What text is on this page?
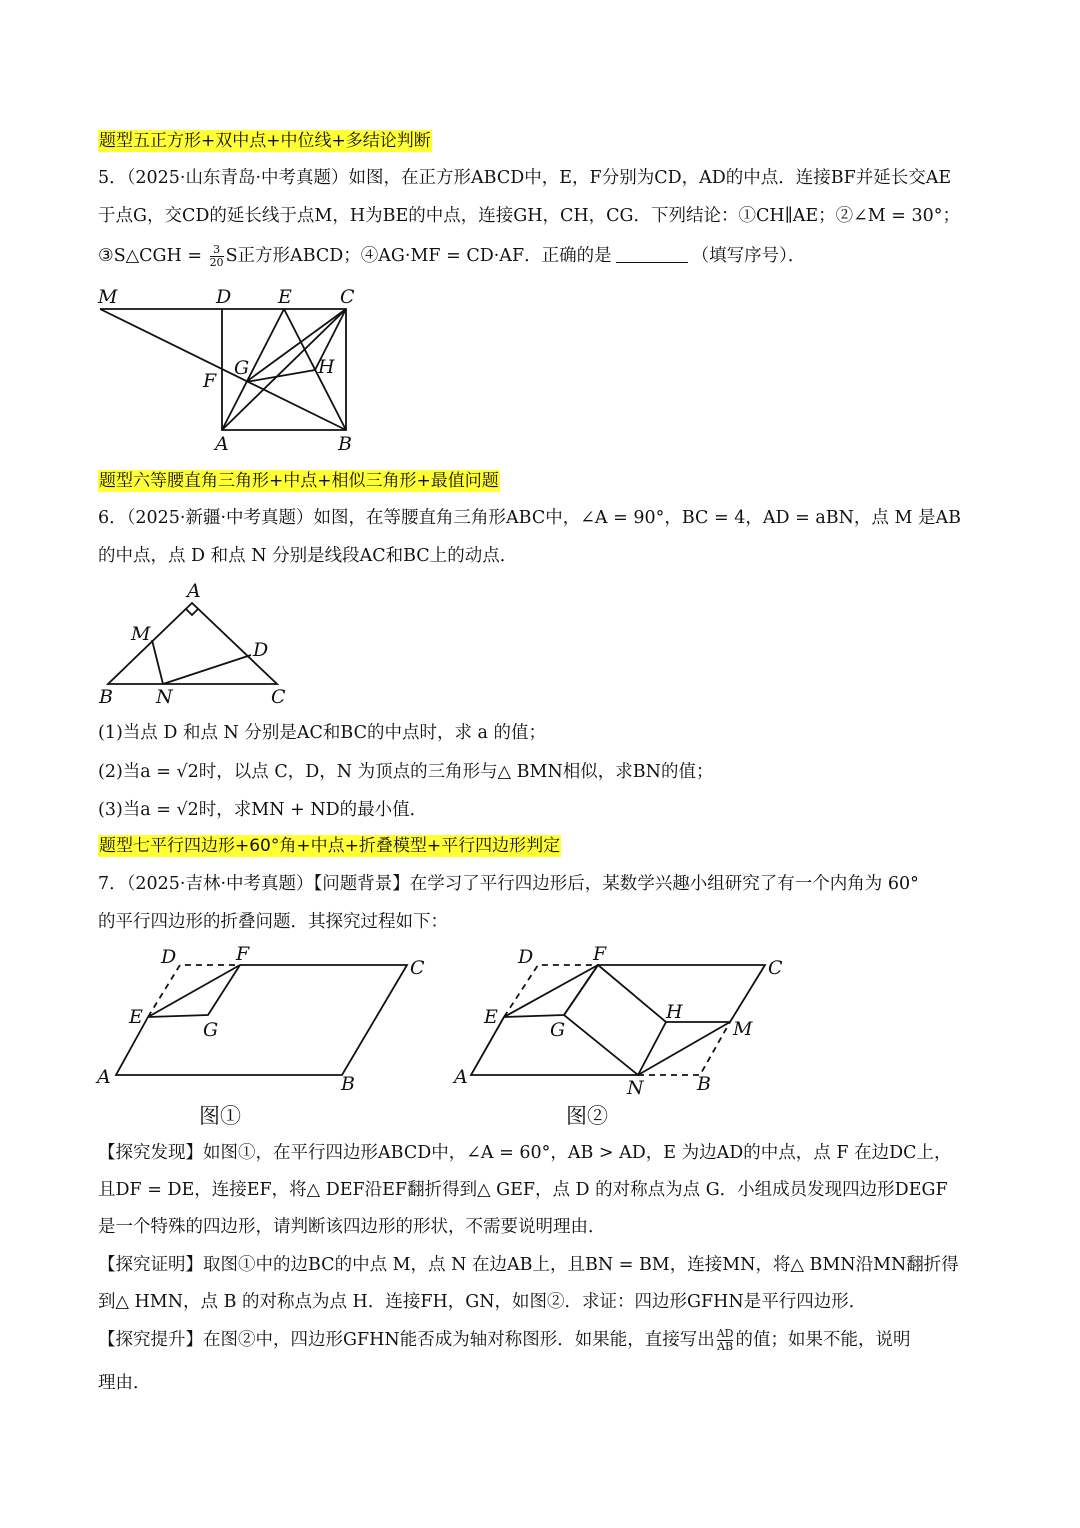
题型五正方形+双中点+中位线+多结论判断
5．（2025·山东青岛·中考真题）如图，在正方形ABCD中，E，F分别为CD，AD的中点．连接BF并延长交AE
于点G，交CD的延长线于点M，H为BE的中点，连接GH，CH，CG．下列结论：①CH∥AE；②∠M = 30°；
③S△CGH = $\frac{3}{20}$ S正方形ABCD；④AG·MF = CD·AF．正确的是	（填写序号）．
M	D E	C
G	H
F
A	B
题型六等腰直角三角形+中点+相似三角形+最值问题
6．（2025·新疆·中考真题）如图，在等腰直角三角形ABC中，∠A = 90°，BC = 4，AD = aBN，点 M 是AB
的中点，点 D 和点 N 分别是线段AC和BC上的动点．
A
M
D
B N	C
(1)当点 D 和点 N 分别是AC和BC的中点时，求 a 的值；
(2)当a = √2时，以点 C，D，N 为顶点的三角形与△ BMN相似，求BN的值；
(3)当a = √2时，求MN + ND的最小值．
题型七平行四边形+60°角+中点+折叠模型+平行四边形判定
7．（2025·吉林·中考真题）【问题背景】在学习了平行四边形后，某数学兴趣小组研究了有一个内角为 60°
的平行四边形的折叠问题．其探究过程如下：
D	F
C
E
G
A	B
图①
D	F
C
E
G
H
M
A	N	B
图②
【探究发现】如图①，在平行四边形ABCD中，∠A = 60°，AB > AD，E 为边AD的中点，点 F 在边DC上，
且DF = DE，连接EF，将△ DEF沿EF翻折得到△ GEF，点 D 的对称点为点 G．小组成员发现四边形DEGF
是一个特殊的四边形，请判断该四边形的形状，不需要说明理由．
【探究证明】取图①中的边BC的中点 M，点 N 在边AB上，且BN = BM，连接MN，将△ BMN沿MN翻折得
到△ HMN，点 B 的对称点为点 H．连接FH，GN，如图②．求证：四边形GFHN是平行四边形．
【探究提升】在图②中，四边形GFHN能否成为轴对称图形．如果能，直接写出 $\frac{AD}{AB}$ 的值；如果不能，说明
理由．
